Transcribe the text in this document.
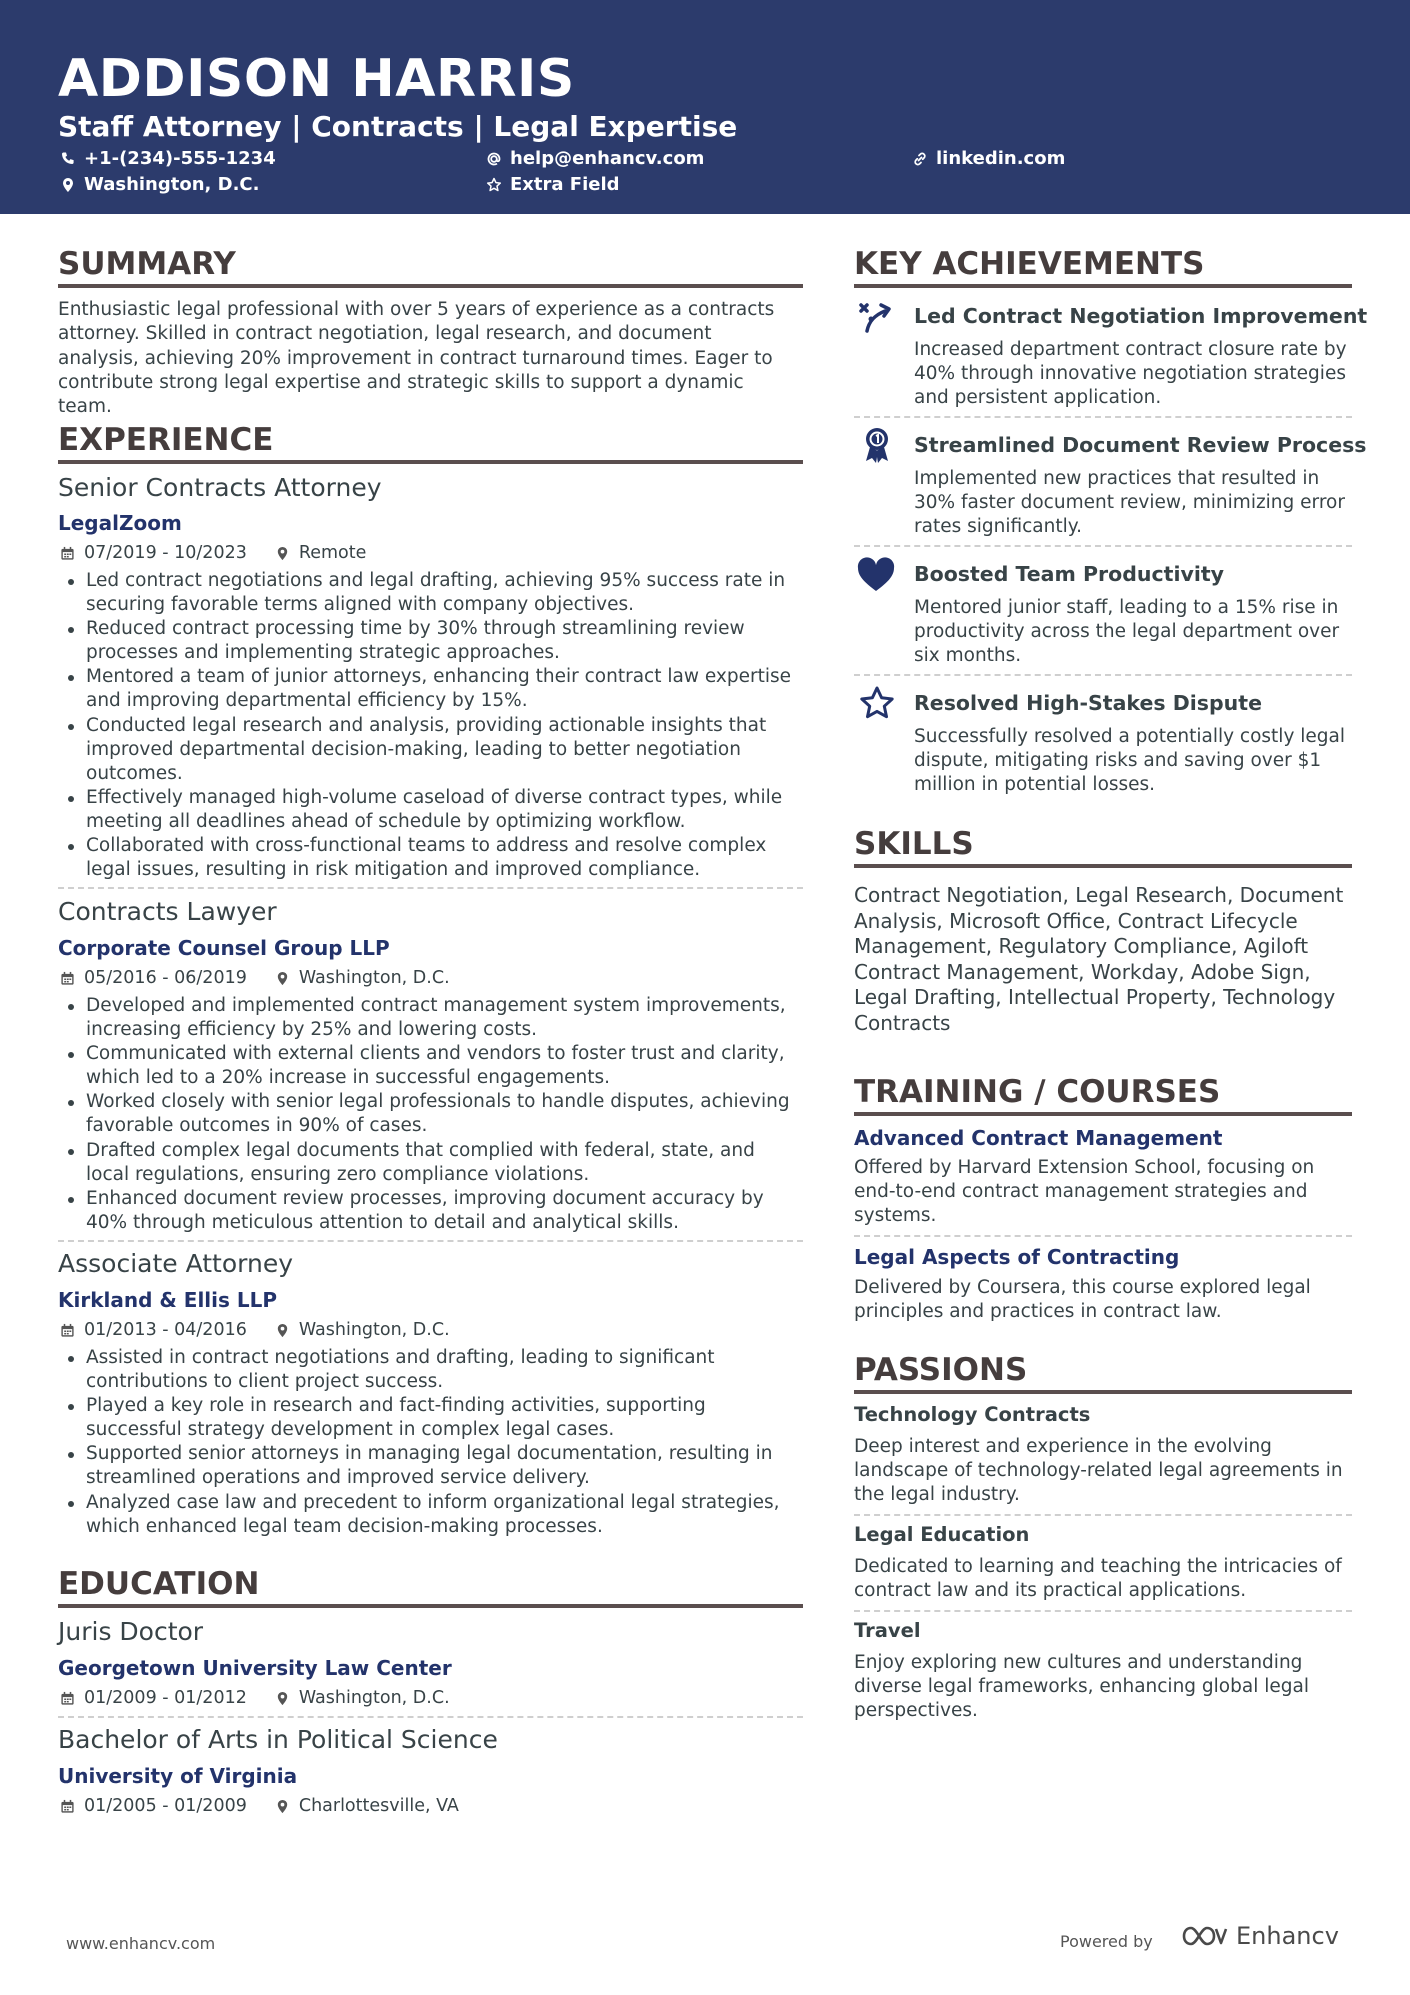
ADDISON HARRIS
Staff Attorney | Contracts | Legal Expertise
+1-(234)-555-1234	help@enhancv.com	linkedin.com
Washington, D.C.	Extra Field
SUMMARY
Enthusiastic legal professional with over 5 years of experience as a contracts attorney. Skilled in contract negotiation, legal research, and document analysis, achieving 20% improvement in contract turnaround times. Eager to contribute strong legal expertise and strategic skills to support a dynamic team.
EXPERIENCE
Senior Contracts Attorney
LegalZoom
07/2019 - 10/2023	Remote
Led contract negotiations and legal drafting, achieving 95% success rate in securing favorable terms aligned with company objectives.
Reduced contract processing time by 30% through streamlining review processes and implementing strategic approaches.
Mentored a team of junior attorneys, enhancing their contract law expertise and improving departmental efficiency by 15%.
Conducted legal research and analysis, providing actionable insights that improved departmental decision-making, leading to better negotiation outcomes.
Effectively managed high-volume caseload of diverse contract types, while meeting all deadlines ahead of schedule by optimizing workflow.
Collaborated with cross-functional teams to address and resolve complex legal issues, resulting in risk mitigation and improved compliance.
Contracts Lawyer
Corporate Counsel Group LLP
05/2016 - 06/2019	Washington, D.C.
Developed and implemented contract management system improvements, increasing efficiency by 25% and lowering costs.
Communicated with external clients and vendors to foster trust and clarity, which led to a 20% increase in successful engagements.
Worked closely with senior legal professionals to handle disputes, achieving favorable outcomes in 90% of cases.
Drafted complex legal documents that complied with federal, state, and local regulations, ensuring zero compliance violations.
Enhanced document review processes, improving document accuracy by 40% through meticulous attention to detail and analytical skills.
Associate Attorney
Kirkland & Ellis LLP
01/2013 - 04/2016	Washington, D.C.
Assisted in contract negotiations and drafting, leading to significant contributions to client project success.
Played a key role in research and fact-finding activities, supporting successful strategy development in complex legal cases.
Supported senior attorneys in managing legal documentation, resulting in streamlined operations and improved service delivery.
Analyzed case law and precedent to inform organizational legal strategies, which enhanced legal team decision-making processes.
EDUCATION
Juris Doctor
Georgetown University Law Center
01/2009 - 01/2012	Washington, D.C.
Bachelor of Arts in Political Science
University of Virginia
01/2005 - 01/2009	Charlottesville, VA
KEY ACHIEVEMENTS
Led Contract Negotiation Improvement
Increased department contract closure rate by 40% through innovative negotiation strategies and persistent application.
Streamlined Document Review Process
Implemented new practices that resulted in 30% faster document review, minimizing error rates significantly.
Boosted Team Productivity
Mentored junior staff, leading to a 15% rise in productivity across the legal department over six months.
Resolved High-Stakes Dispute
Successfully resolved a potentially costly legal dispute, mitigating risks and saving over $1 million in potential losses.
SKILLS
Contract Negotiation, Legal Research, Document Analysis, Microsoft Office, Contract Lifecycle Management, Regulatory Compliance, Agiloft Contract Management, Workday, Adobe Sign, Legal Drafting, Intellectual Property, Technology Contracts
TRAINING / COURSES
Advanced Contract Management
Offered by Harvard Extension School, focusing on end-to-end contract management strategies and systems.
Legal Aspects of Contracting
Delivered by Coursera, this course explored legal principles and practices in contract law.
PASSIONS
Technology Contracts
Deep interest and experience in the evolving landscape of technology-related legal agreements in the legal industry.
Legal Education
Dedicated to learning and teaching the intricacies of contract law and its practical applications.
Travel
Enjoy exploring new cultures and understanding diverse legal frameworks, enhancing global legal perspectives.
www.enhancv.com	Powered by	Enhancv
